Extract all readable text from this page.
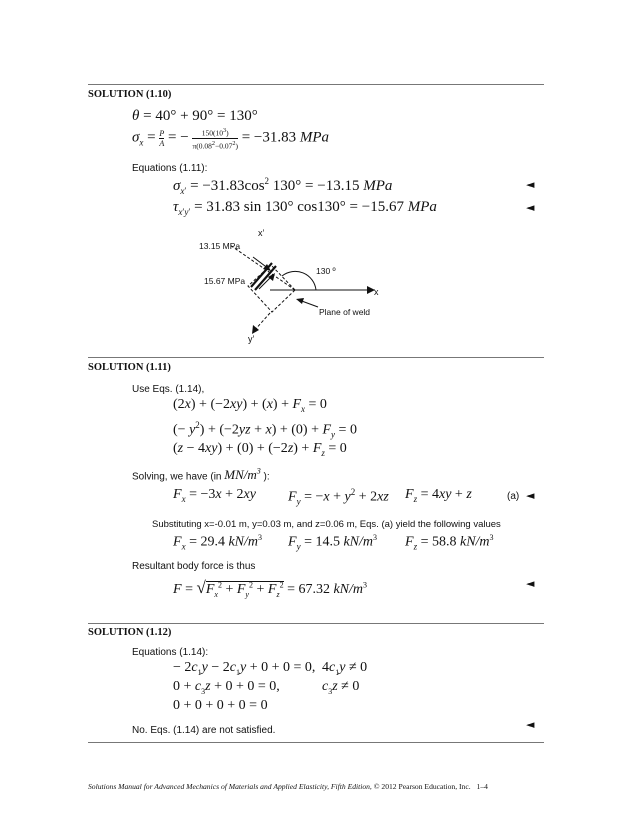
SOLUTION (1.10)
θ = 40° + 90° = 130°
$\sigma_x = \frac{P}{A}$ = − $150(10^3)$
$\pi(0.08^2-0.07^2) = -31.83$ MPa
Equations (1.11):
$\sigma_{x'} = -31.83\cos^2$ 130° = −13.15 MPa	◄
$\tau_{x'y'} = 31.83$ sin 130° cos130° = −15.67 MPa	◄
x’
13.15 MPa
130 º
15.67 MPa
x
Plane of weld
y’
SOLUTION (1.11)
Use Eqs. (1.14),
$(2x) + (-2xy) + (x) + F_x = 0$
(− $y^2) + (-2yz + x) + (0) + F_y = 0$
$(z - 4xy) + (0) + (-2z) + F_z = 0$
Solving, we have (in $MN/m^3$ ):
$F_x = -3x + 2xy$ $F_y = -x + y^2 + 2xz$ $F_z = 4xy + z$	(a) ◄
Substituting x=-0.01 m, y=0.03 m, and z=0.06 m, Eqs. (a) yield the following values
$F_x = 29.4$ $kN/m^3$ $F_y = 14.5$ $kN/m^3$ $F_z = 58.8$ $kN/m^3$
Resultant body force is thus
$F = √F_x^2 + F_y^2 + F_z^2 = 67.32$ $kN/m^3$	◄
SOLUTION (1.12)
Equations (1.14):
− $2c_1y - 2c_1y + 0 + 0 = 0$, $4c_1y \ne 0$
$0 + c_3z + 0 + 0 = 0$,	$c_3z \ne 0$
0 + 0 + 0 + 0 = 0
◄
No. Eqs. (1.14) are not satisfied.
Solutions Manual for Advanced Mechanics of Materials and Applied Elasticity, Fifth Edition, © 2012 Pearson Education, Inc. 1–4
